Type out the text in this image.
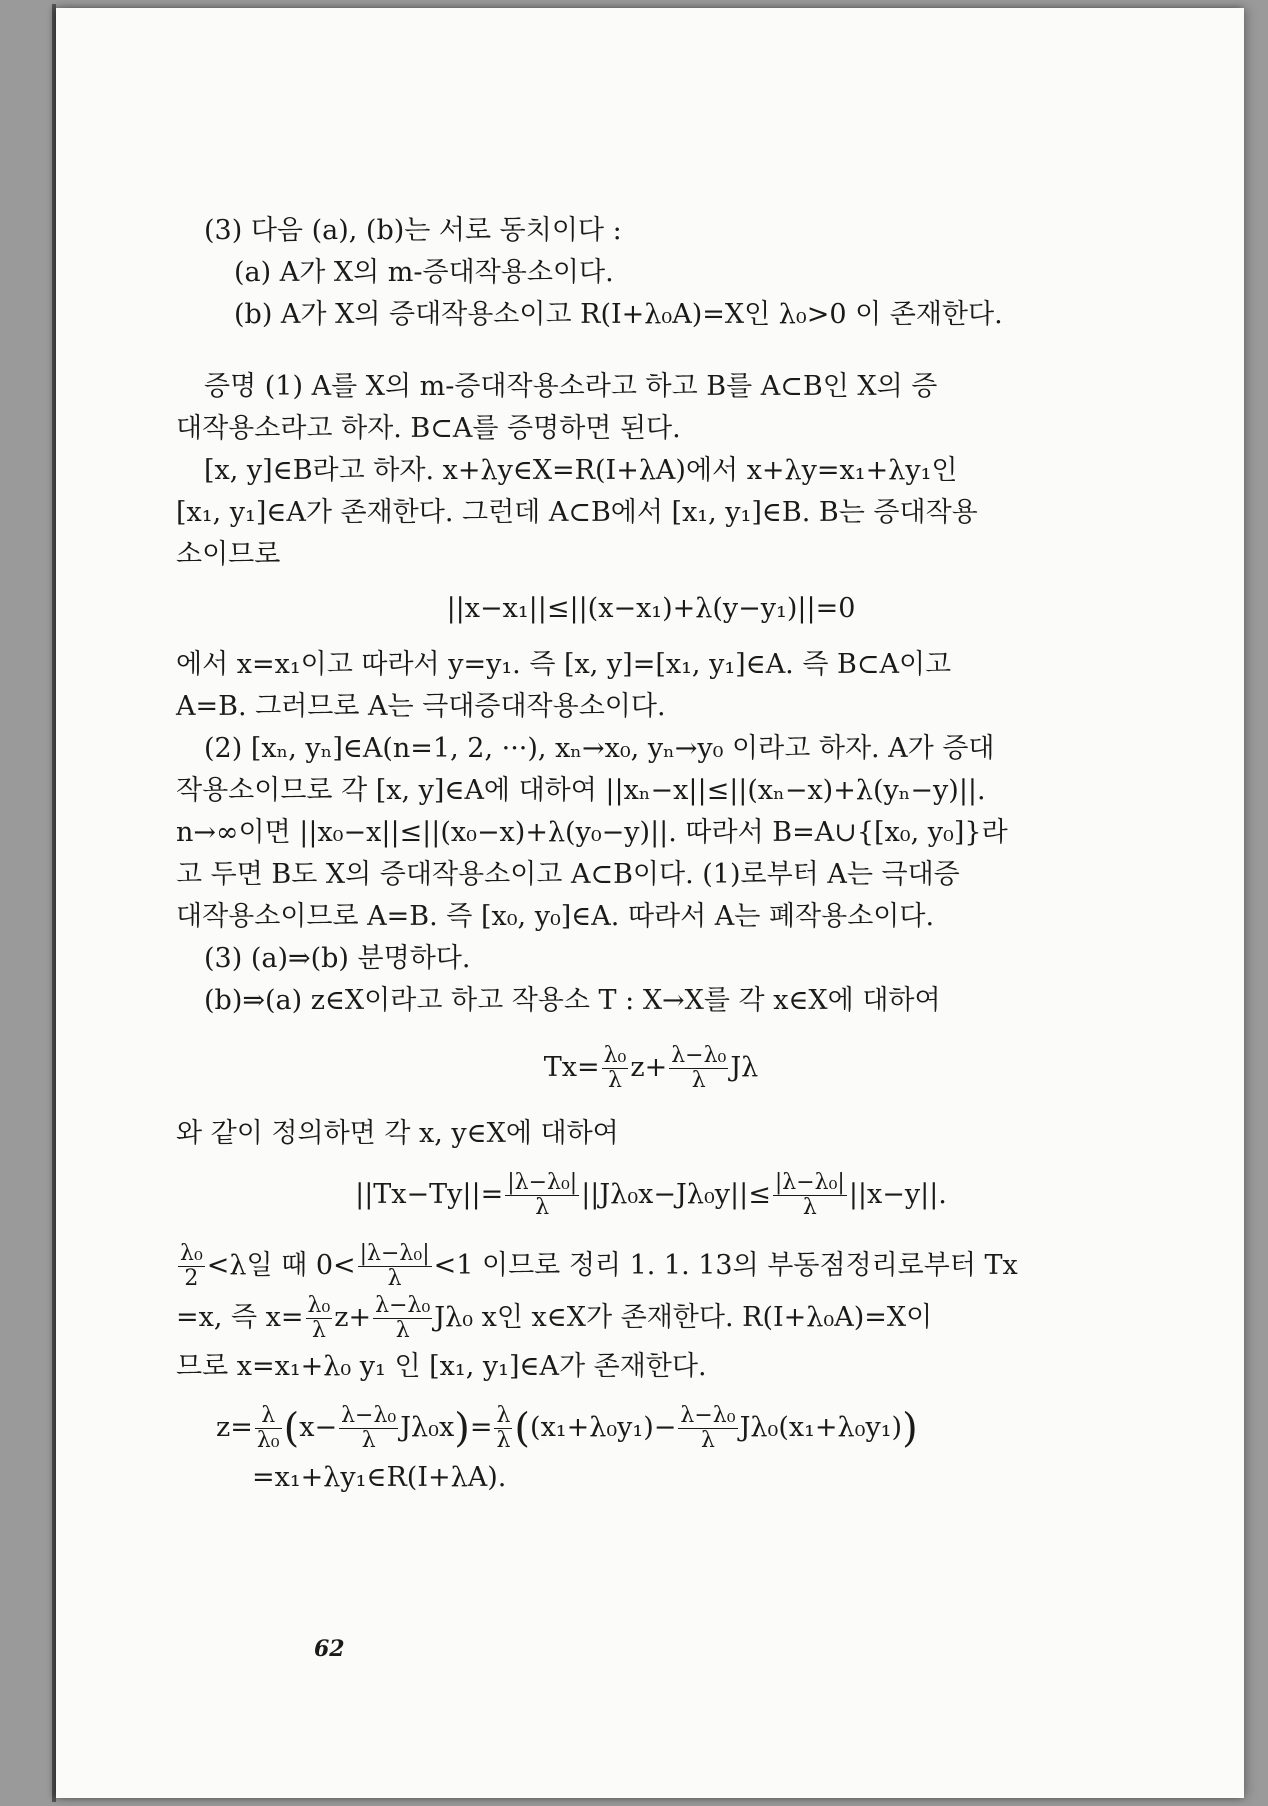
62
(3) 다음 (a), (b)는 서로 동치이다 :
(a) A가 X의 m-증대작용소이다.
(b) A가 X의 증대작용소이고 R(I+λ₀A)=X인 λ₀>0 이 존재한다.
증명 (1) A를 X의 m-증대작용소라고 하고 B를 A⊂B인 X의 증
대작용소라고 하자. B⊂A를 증명하면 된다.
[x, y]∈B라고 하자. x+λy∈X=R(I+λA)에서 x+λy=x₁+λy₁인
[x₁, y₁]∈A가 존재한다. 그런데 A⊂B에서 [x₁, y₁]∈B. B는 증대작용
소이므로
||x−x₁||≤||(x−x₁)+λ(y−y₁)||=0
에서 x=x₁이고 따라서 y=y₁. 즉 [x, y]=[x₁, y₁]∈A. 즉 B⊂A이고
A=B. 그러므로 A는 극대증대작용소이다.
(2) [xₙ, yₙ]∈A(n=1, 2, ···), xₙ→x₀, yₙ→y₀ 이라고 하자. A가 증대
작용소이므로 각 [x, y]∈A에 대하여 ||xₙ−x||≤||(xₙ−x)+λ(yₙ−y)||.
n→∞이면 ||x₀−x||≤||(x₀−x)+λ(y₀−y)||. 따라서 B=A∪{[x₀, y₀]}라
고 두면 B도 X의 증대작용소이고 A⊂B이다. (1)로부터 A는 극대증
대작용소이므로 A=B. 즉 [x₀, y₀]∈A. 따라서 A는 폐작용소이다.
(3) (a)⇒(b) 분명하다.
(b)⇒(a) z∈X이라고 하고 작용소 T : X→X를 각 x∈X에 대하여
$Tx= \frac{\text{λ₀}}{\lambda} z+ \frac{\text{λ−λ₀}}{\lambda}$ Jλ
와 같이 정의하면 각 x, y∈X에 대하여
$||Tx-Ty||= \frac{\text{|λ−λ₀|}}{\lambda} ||J\lambda_0x-J\lambda_0y||\le \frac{\text{|λ−λ₀|}}{\lambda} ||x-y||$.
$\frac{\text{λ₀}}{2} <\lambda$일 때 $0< \frac{\text{|λ−λ₀|}}{\lambda} <1$ 이므로 정리 1. 1. 13의 부동점정리로부터 Tx
=x, 즉 $x= \frac{\text{λ₀}}{\lambda} z+ \frac{\text{λ−λ₀}}{\lambda} J\lambda_0$ x인 x∈X가 존재한다. R(I+λ₀A)=X이
므로 x=x₁+λ₀ y₁ 인 [x₁, y₁]∈A가 존재한다.
$z= \frac{\lambda}{\text{λ₀}} (x- \frac{\text{λ−λ₀}}{\lambda} J\lambda_0x)= \frac{\lambda}{\lambda} ((x_1+\lambda_0y_1)- \frac{\text{λ−λ₀}}{\lambda} J\lambda_0(x_1+\lambda_0y_1))$
=x₁+λy₁∈R(I+λA).
